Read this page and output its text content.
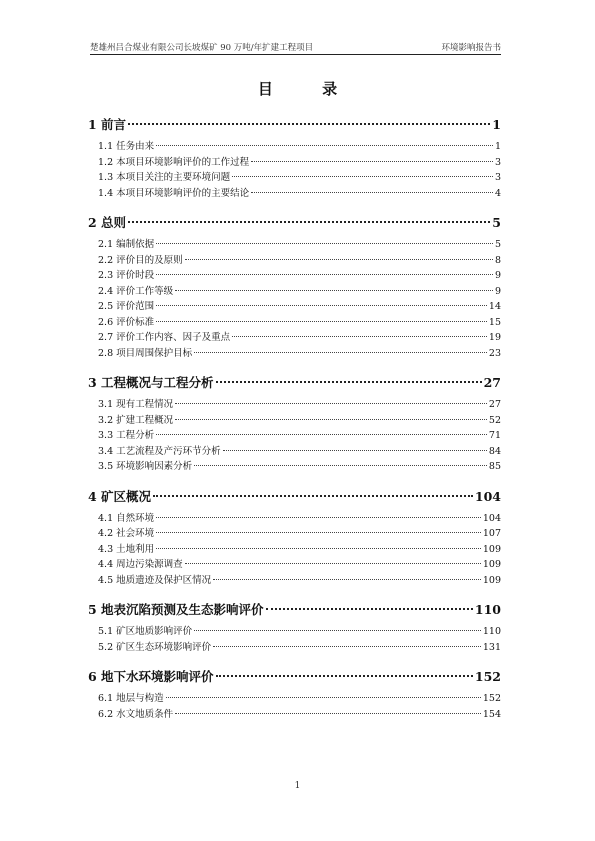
楚雄州吕合煤业有限公司长坡煤矿 90 万吨/年扩建工程项目	环境影响报告书
目 录
1 前言	1
1.1 任务由来	1
1.2 本项目环境影响评价的工作过程	3
1.3 本项目关注的主要环境问题	3
1.4 本项目环境影响评价的主要结论	4
2 总则	5
2.1 编制依据	5
2.2 评价目的及原则	8
2.3 评价时段	9
2.4 评价工作等级	9
2.5 评价范围	14
2.6 评价标准	15
2.7 评价工作内容、因子及重点	19
2.8 项目周围保护目标	23
3 工程概况与工程分析	27
3.1 现有工程情况	27
3.2 扩建工程概况	52
3.3 工程分析	71
3.4 工艺流程及产污环节分析	84
3.5 环境影响因素分析	85
4 矿区概况	104
4.1 自然环境	104
4.2 社会环境	107
4.3 土地利用	109
4.4 周边污染源调查	109
4.5 地质遗迹及保护区情况	109
5 地表沉陷预测及生态影响评价	110
5.1 矿区地质影响评价	110
5.2 矿区生态环境影响评价	131
6 地下水环境影响评价	152
6.1 地层与构造	152
6.2 水文地质条件	154
1
